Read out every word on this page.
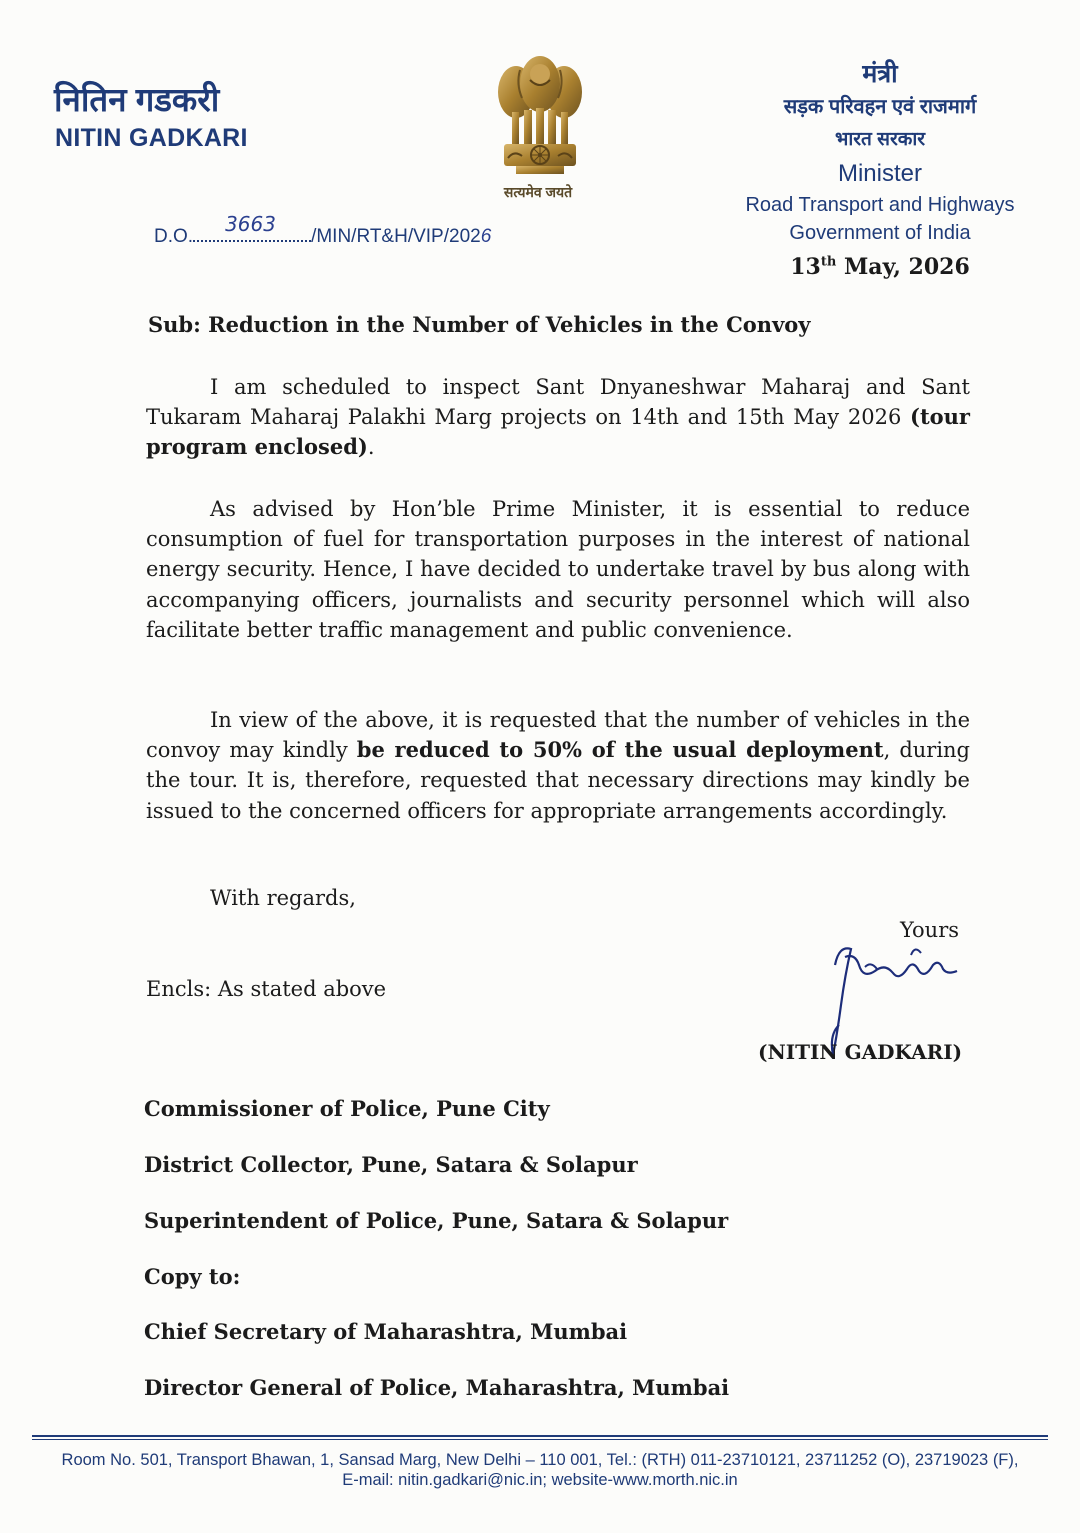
नितिन गडकरी
NITIN GADKARI
सत्यमेव जयते
मंत्री
सड़क परिवहन एवं राजमार्ग
भारत सरकार
Minister
Road Transport and Highways
Government of India
13th May, 2026
D.O.
3663
/MIN/RT&H/VIP/2026
Sub: Reduction in the Number of Vehicles in the Convoy
I am scheduled to inspect Sant Dnyaneshwar Maharaj and Sant Tukaram Maharaj Palakhi Marg projects on 14th and 15th May 2026 (tour program enclosed).
As advised by Hon’ble Prime Minister, it is essential to reduce consumption of fuel for transportation purposes in the interest of national energy security. Hence, I have decided to undertake travel by bus along with accompanying officers, journalists and security personnel which will also facilitate better traffic management and public convenience.
In view of the above, it is requested that the number of vehicles in the convoy may kindly be reduced to 50% of the usual deployment, during the tour. It is, therefore, requested that necessary directions may kindly be issued to the concerned officers for appropriate arrangements accordingly.
With regards,
Yours
Encls: As stated above
(NITIN GADKARI)
Commissioner of Police, Pune City
District Collector, Pune, Satara & Solapur
Superintendent of Police, Pune, Satara & Solapur
Copy to:
Chief Secretary of Maharashtra, Mumbai
Director General of Police, Maharashtra, Mumbai
Room No. 501, Transport Bhawan, 1, Sansad Marg, New Delhi – 110 001, Tel.: (RTH) 011-23710121, 23711252 (O), 23719023 (F),
E-mail: nitin.gadkari@nic.in; website-www.morth.nic.in
